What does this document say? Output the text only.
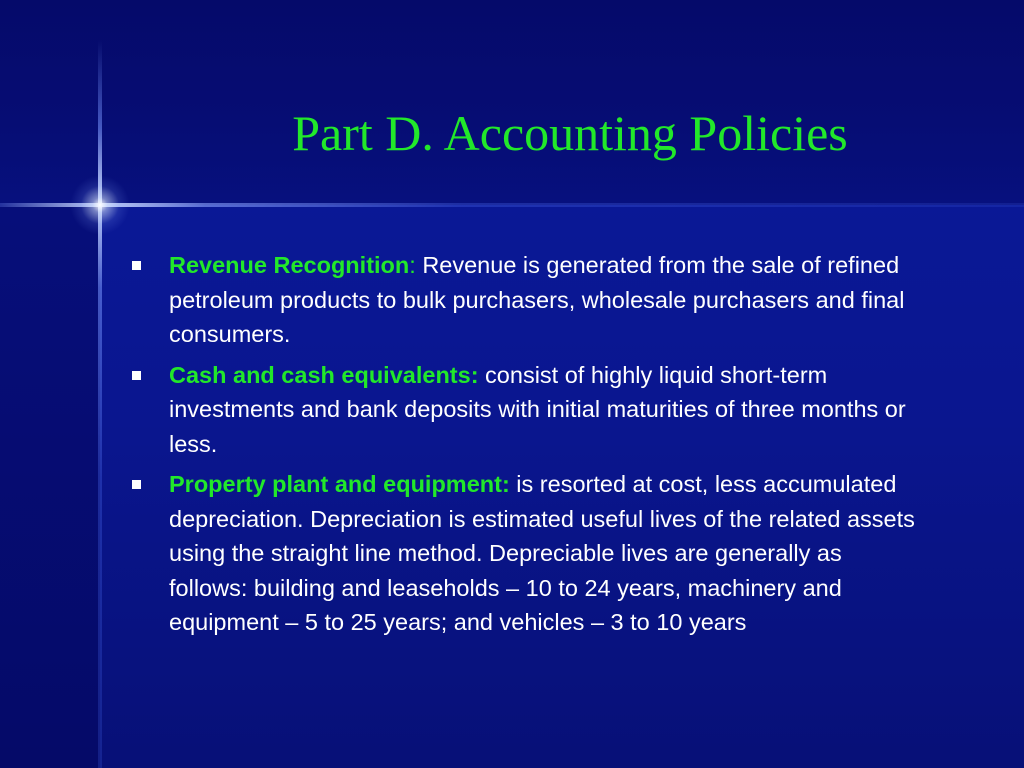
Part D. Accounting Policies
Revenue Recognition: Revenue is generated from the sale of refined petroleum products to bulk purchasers, wholesale purchasers and final consumers.
Cash and cash equivalents: consist of highly liquid short-term investments and bank deposits with initial maturities of three months or less.
Property plant and equipment: is resorted at cost, less accumulated depreciation. Depreciation is estimated useful lives of the related assets using the straight line method. Depreciable lives are generally as follows: building and leaseholds – 10 to 24 years, machinery and equipment – 5 to 25 years; and vehicles – 3 to 10 years
